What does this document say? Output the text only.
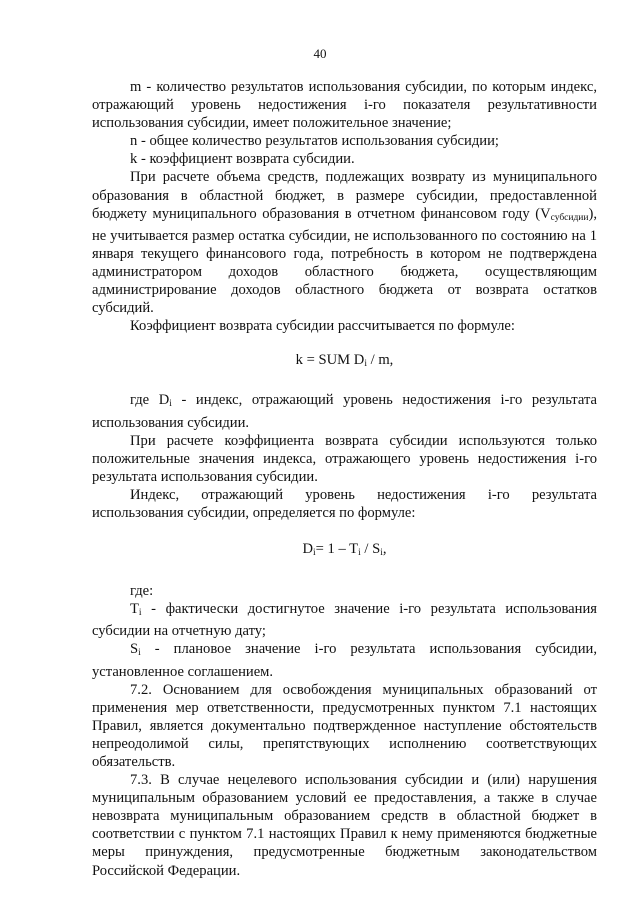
40

m - количество результатов использования субсидии, по которым индекс, отражающий уровень недостижения i-го показателя результативности использования субсидии, имеет положительное значение;

n - общее количество результатов использования субсидии;

k - коэффициент возврата субсидии.

При расчете объема средств, подлежащих возврату из муниципального образования в областной бюджет, в размере субсидии, предоставленной бюджету муниципального образования в отчетном финансовом году $(V_{субсидии})$, не учитывается размер остатка субсидии, не использованного по состоянию на 1 января текущего финансового года, потребность в котором не подтверждена администратором доходов областного бюджета, осуществляющим администрирование доходов областного бюджета от возврата остатков субсидий.

Коэффициент возврата субсидии рассчитывается по формуле:

k = SUM $D_i$ / m,

где $D_i$ - индекс, отражающий уровень недостижения i-го результата использования субсидии.

При расчете коэффициента возврата субсидии используются только положительные значения индекса, отражающего уровень недостижения i-го результата использования субсидии.

Индекс, отражающий уровень недостижения i-го результата использования субсидии, определяется по формуле:

$D_i= 1 - T_i / S_i$,

где:

$T_i$ - фактически достигнутое значение i-го результата использования субсидии на отчетную дату;

$S_i$ - плановое значение i-го результата использования субсидии, установленное соглашением.

7.2. Основанием для освобождения муниципальных образований от применения мер ответственности, предусмотренных пунктом 7.1 настоящих Правил, является документально подтвержденное наступление обстоятельств непреодолимой силы, препятствующих исполнению соответствующих обязательств.

7.3. В случае нецелевого использования субсидии и (или) нарушения муниципальным образованием условий ее предоставления, а также в случае невозврата муниципальным образованием средств в областной бюджет в соответствии с пунктом 7.1 настоящих Правил к нему применяются бюджетные меры принуждения, предусмотренные бюджетным законодательством Российской Федерации.
